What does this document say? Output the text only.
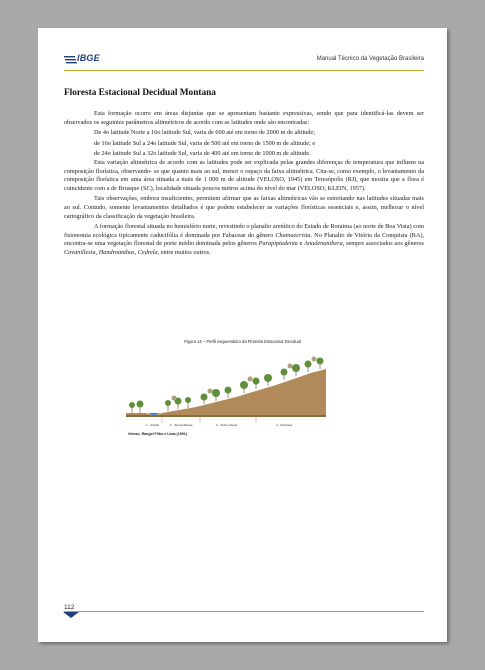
IBGE	Manual Técnico da Vegetação Brasileira
Floresta Estacional Decidual Montana

Esta formação ocorre em áreas disjuntas que se apresentam bastante expressivas, sendo que para identificá-las devem ser observados os seguintes parâmetros altimétricos de acordo com as latitudes onde são encontradas:

De 4o latitude Norte a 16o latitude Sul, varia de 600 até em torno de 2000 m de altitude;

de 16o latitude Sul a 24o latitude Sul, varia de 500 até em torno de 1500 m de altitude; e

de 24o latitude Sul a 32o latitude Sul, varia de 400 até em torno de 1000 m de altitude.

Esta variação altimétrica de acordo com as latitudes pode ser explicada pelas grandes diferenças de temperatura que influem na composição florística, observando- se que quanto mais ao sul, menor o espaço da faixa altimétrica. Cita-se, como exemplo, o levantamento da composição florística em uma área situada a mais de 1 000 m de altitude (VELOSO, 1945) em Teresópolis (RJ), que mostra que a flora é coincidente com a de Brusque (SC), localidade situada poucos metros acima do nível do mar (VELOSO; KLEIN, 1957).

Tais observações, embora insuficientes, permitem afirmar que as faixas altimétricas vão se estreitando nas latitudes situadas mais ao sul. Contudo, somente levantamentos detalhados é que podem estabelecer as variações florísticas essenciais e, assim, melhorar o nível cartográfico da classificação da vegetação brasileira.

A formação florestal situada no hemisfério norte, revestindo o planalto arenítico do Estado de Roraima (ao norte de Boa Vista) com fisionomia ecológica tipicamente caducifólia é dominada por Fabaceae do gênero Chamaecrista. No Planalto de Vitória da Conquista (BA), encontra-se uma vegetação florestal de porte médio dominada pelos gêneros Parapiptadenia e Anadenanthera, sempre associados aos gêneros Cavanillesia, Handroanthus, Cedrela, entre muitos outros.

Figura 14 – Perfil esquemático da Floresta Estacional Decidual
1 - Aluvial	2 - Terras Baixas	3 - Submontana	4 - Montana
Veloso, Rangel Filho e Lima (1991)
112
